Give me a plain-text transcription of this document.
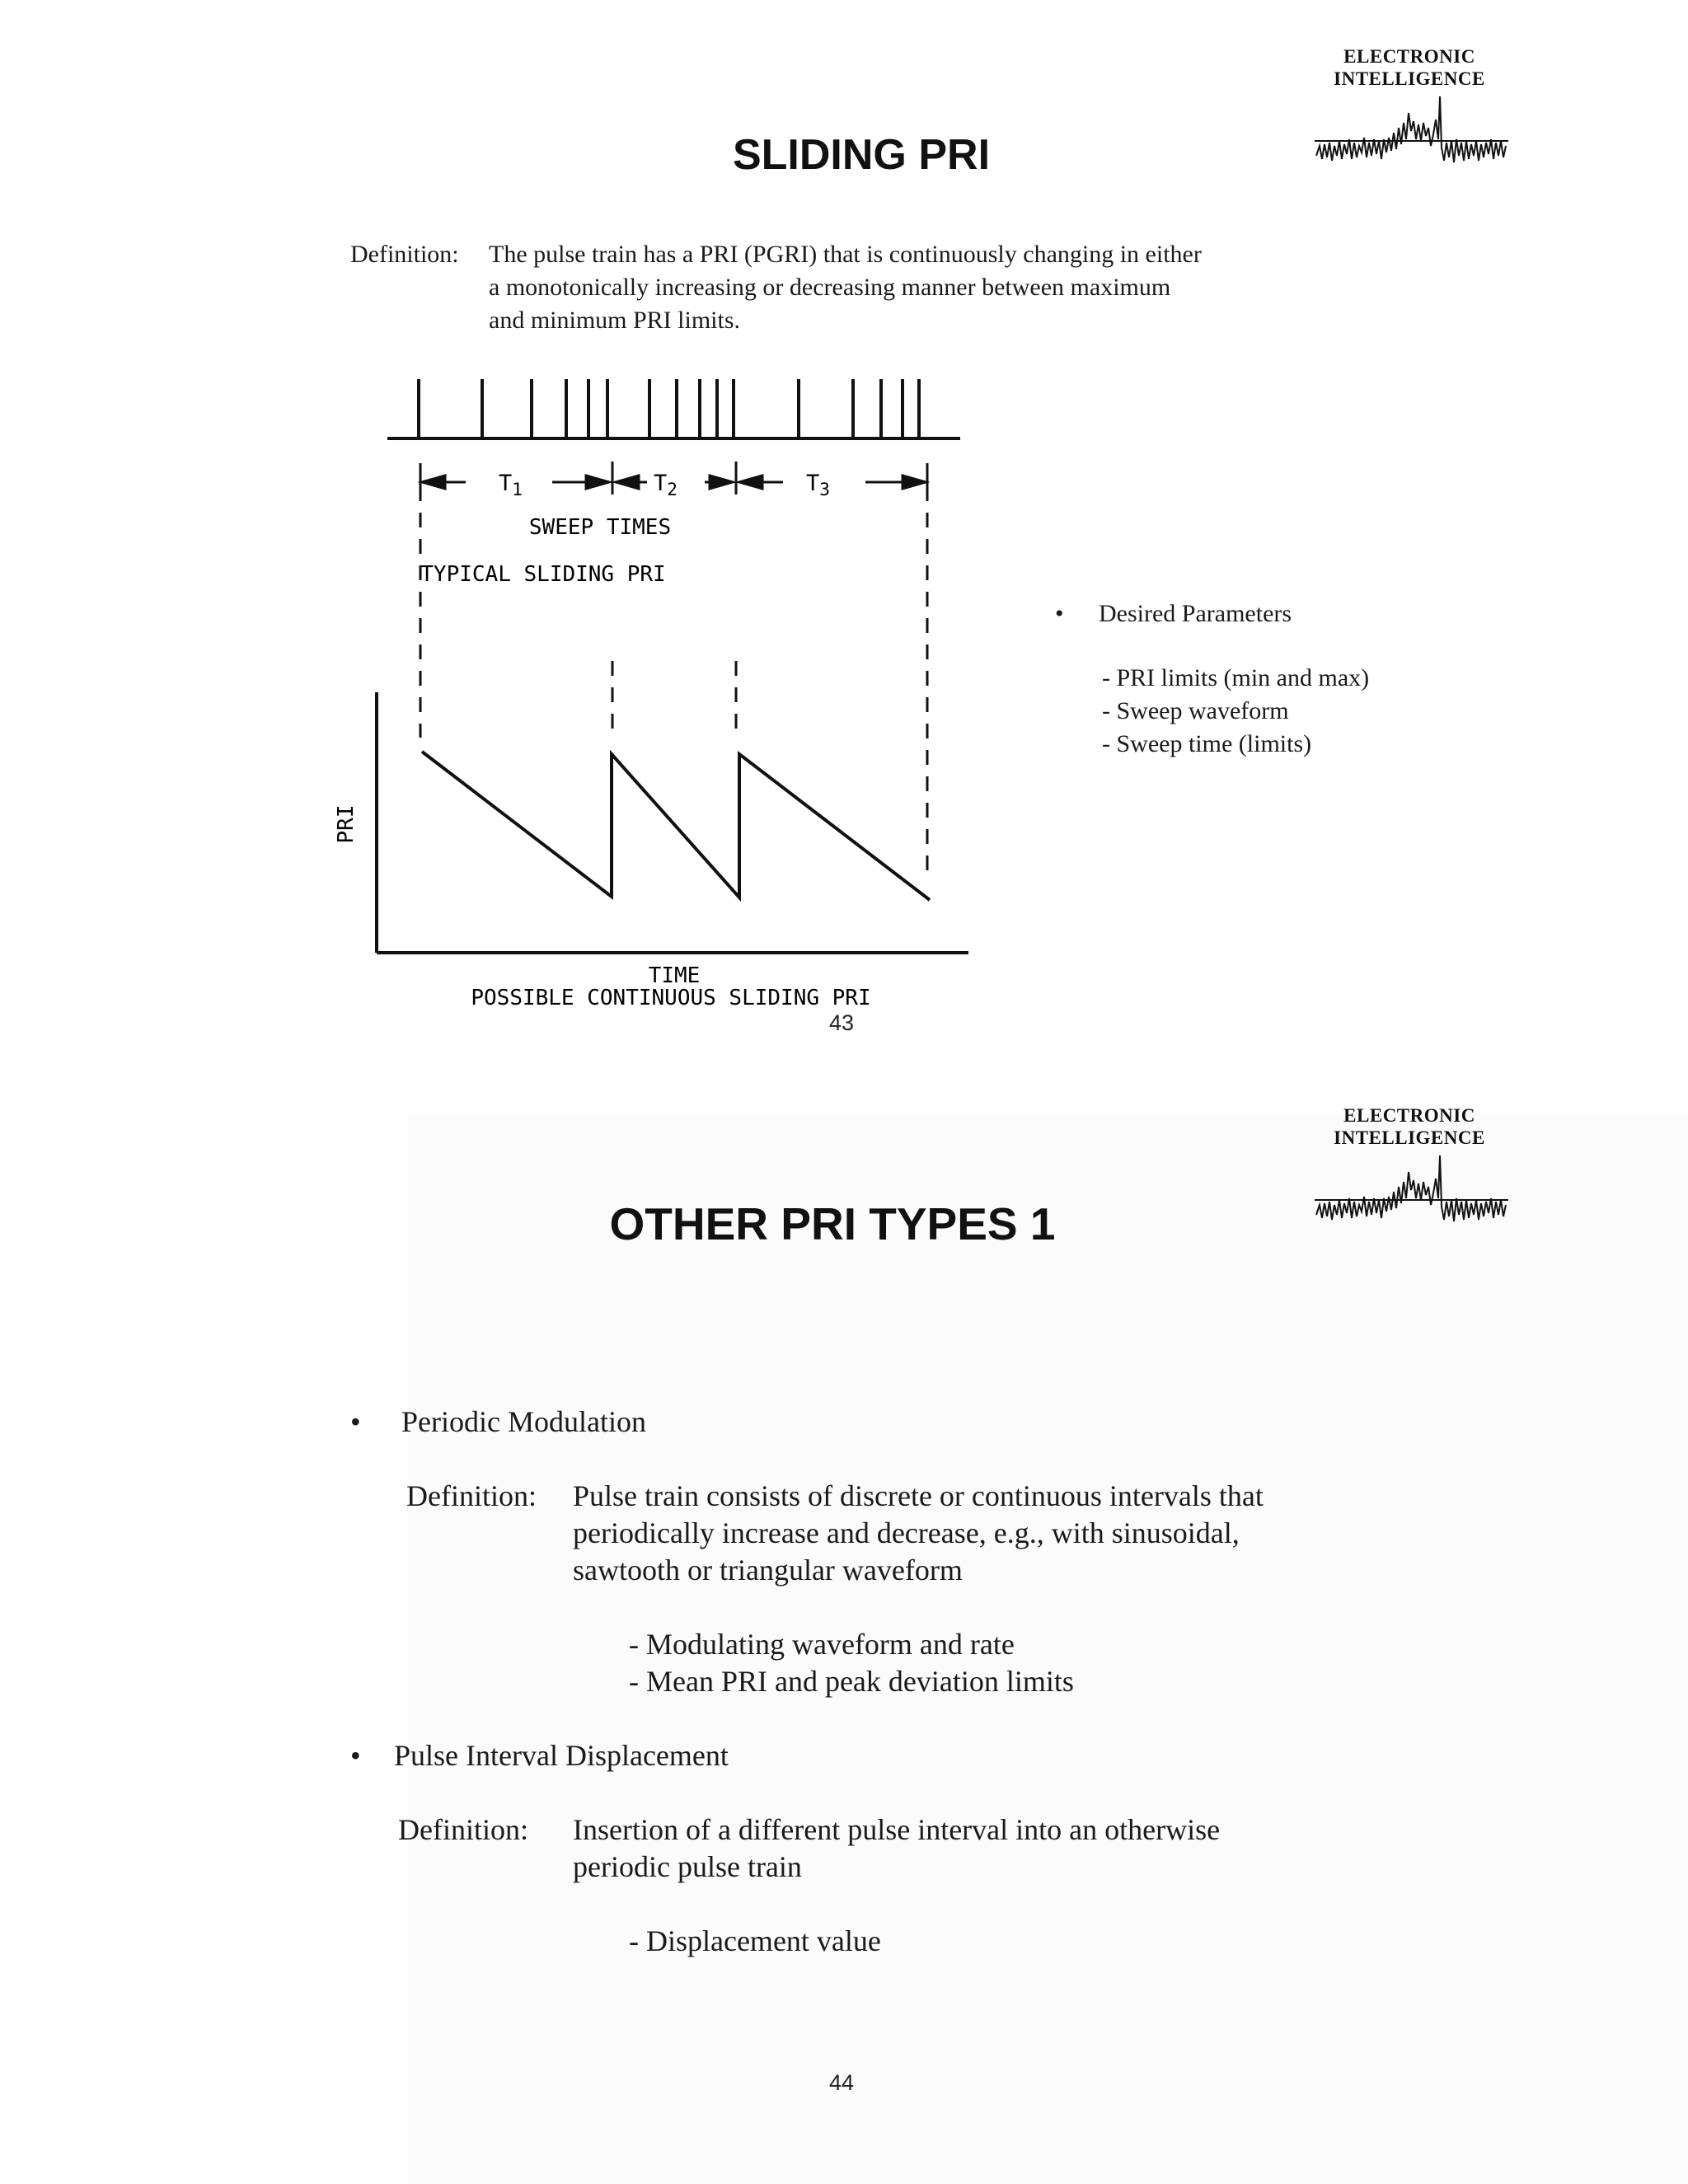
ELECTRONIC
INTELLIGENCE
SLIDING PRI
Definition: The pulse train has a PRI (PGRI) that is continuously changing in either
a monotonically increasing or decreasing manner between maximum
and minimum PRI limits.
$T_1$	$T_2$	$T_3$
SWEEP TIMES
TYPICAL SLIDING PRI
PRI
TIME
POSSIBLE CONTINUOUS SLIDING PRI
• Desired Parameters
- PRI limits (min and max)
- Sweep waveform
- Sweep time (limits)
43
ELECTRONIC
INTELLIGENCE
OTHER PRI TYPES 1
• Periodic Modulation
Definition: Pulse train consists of discrete or continuous intervals that
periodically increase and decrease, e.g., with sinusoidal,
sawtooth or triangular waveform
- Modulating waveform and rate
- Mean PRI and peak deviation limits
• Pulse Interval Displacement
Definition: Insertion of a different pulse interval into an otherwise
periodic pulse train
- Displacement value
44
